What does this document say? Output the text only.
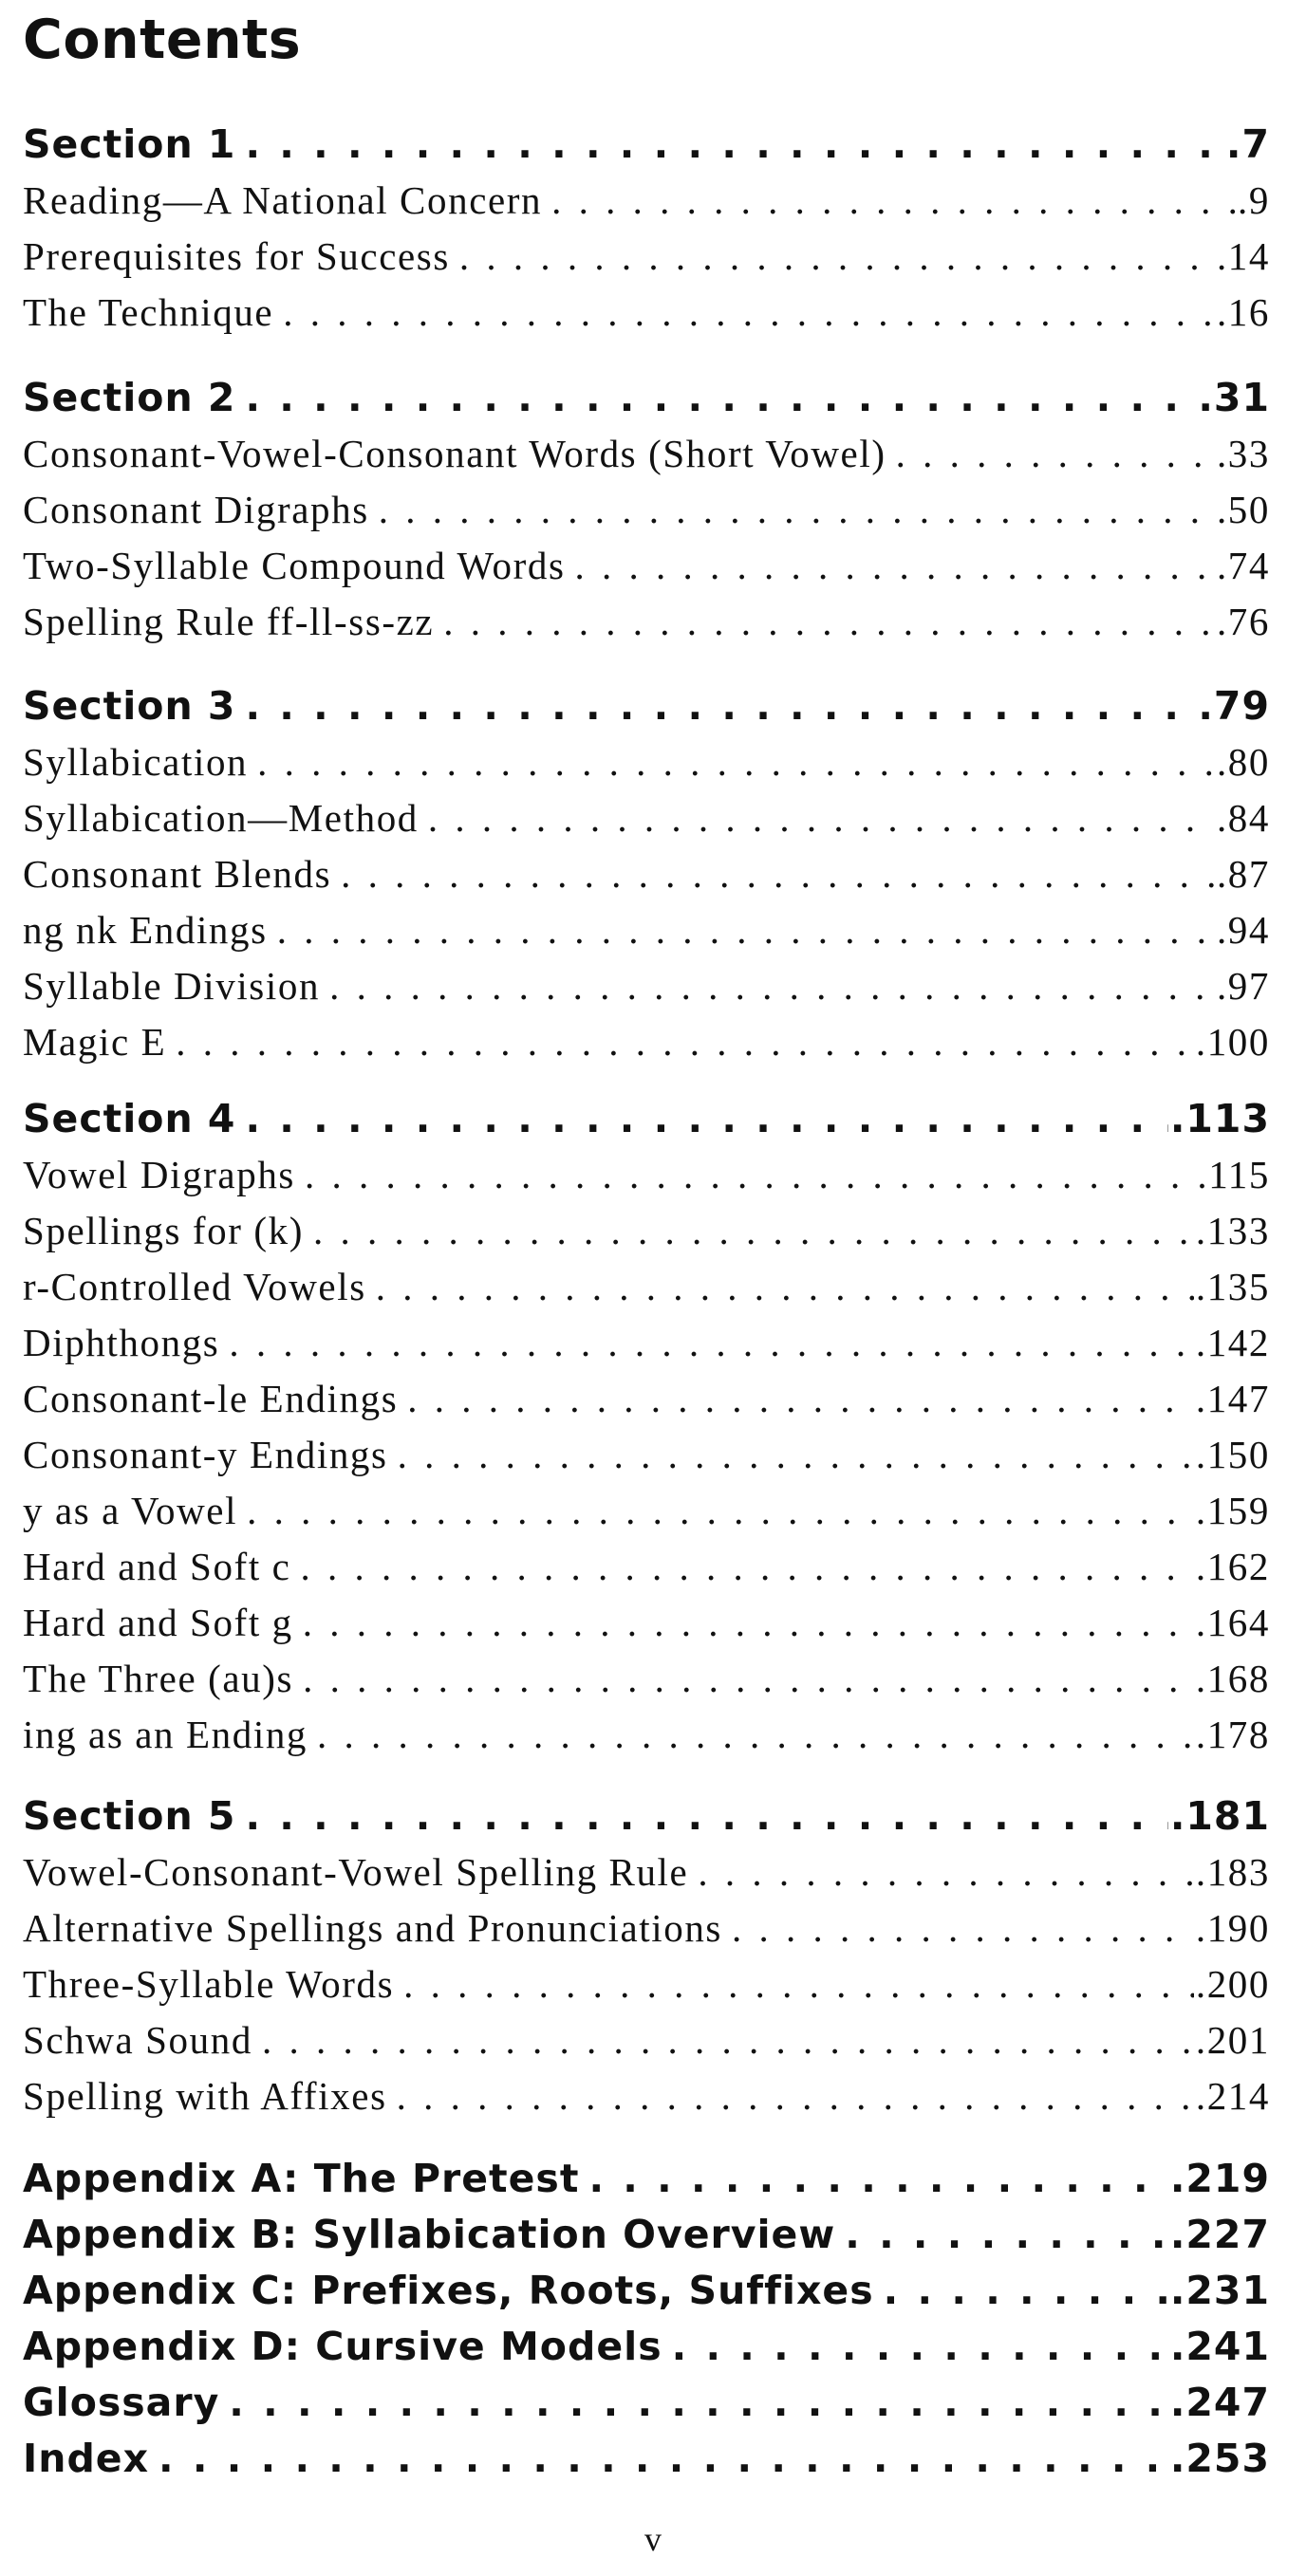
Contents
Section 1 . . .	.7
Reading—A National Concern . . .	.9
Prerequisites for Success . . .	.14
The Technique . . .	.16
Section 2 . . .	.31
Consonant-Vowel-Consonant Words (Short Vowel) . . .	.33
Consonant Digraphs . . .	.50
Two-Syllable Compound Words . . .	.74
Spelling Rule ff-ll-ss-zz . . .	.76
Section 3 . . .	.79
Syllabication . . .	.80
Syllabication—Method . . .	.84
Consonant Blends . . .	.87
ng nk Endings . . .	.94
Syllable Division . . .	.97
Magic E . . .	.100
Section 4 . . .	.113
Vowel Digraphs . . .	.115
Spellings for (k) . . .	.133
r-Controlled Vowels . . .	.135
Diphthongs . . .	.142
Consonant-le Endings . . .	.147
Consonant-y Endings . . .	.150
y as a Vowel . . .	.159
Hard and Soft c . . .	.162
Hard and Soft g . . .	.164
The Three (au)s . . .	.168
ing as an Ending . . .	.178
Section 5 . . .	.181
Vowel-Consonant-Vowel Spelling Rule . . .	.183
Alternative Spellings and Pronunciations . . .	.190
Three-Syllable Words . . .	.200
Schwa Sound . . .	.201
Spelling with Affixes . . .	.214
Appendix A: The Pretest . . .	.219
Appendix B: Syllabication Overview . . .	.227
Appendix C: Prefixes, Roots, Suffixes . . .	.231
Appendix D: Cursive Models . . .	.241
Glossary . . .	.247
Index . . .	.253
v
